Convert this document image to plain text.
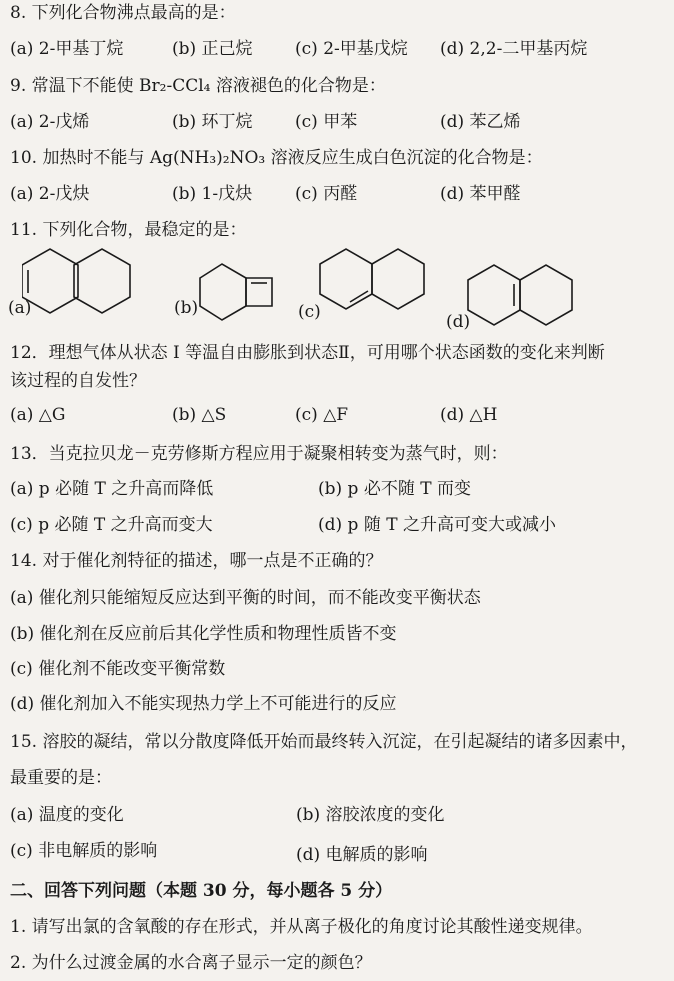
8. 下列化合物沸点最高的是：
(a) 2-甲基丁烷	(b) 正己烷 (c) 2-甲基戊烷 (d) 2,2-二甲基丙烷
9. 常温下不能使 Br₂-CCl₄ 溶液褪色的化合物是：
(a) 2-戊烯	(b) 环丁烷 (c) 甲苯	(d) 苯乙烯
10. 加热时不能与 Ag(NH₃)₂NO₃ 溶液反应生成白色沉淀的化合物是：
(a) 2-戊炔	(b) 1-戊炔	(c) 丙醛	(d) 苯甲醛
11. 下列化合物，最稳定的是：
(a)	(b)	(c)	(d)
12．理想气体从状态 I 等温自由膨胀到状态Ⅱ，可用哪个状态函数的变化来判断
该过程的自发性？
(a) △G	(b) △S	(c) △F	(d) △H
13．当克拉贝龙－克劳修斯方程应用于凝聚相转变为蒸气时，则：
(a) p 必随 T 之升高而降低	(b) p 必不随 T 而变
(c) p 必随 T 之升高而变大	(d) p 随 T 之升高可变大或减小
14. 对于催化剂特征的描述，哪一点是不正确的？
(a) 催化剂只能缩短反应达到平衡的时间，而不能改变平衡状态
(b) 催化剂在反应前后其化学性质和物理性质皆不变
(c) 催化剂不能改变平衡常数
(d) 催化剂加入不能实现热力学上不可能进行的反应
15. 溶胶的凝结，常以分散度降低开始而最终转入沉淀，在引起凝结的诸多因素中，
最重要的是：
(a) 温度的变化	(b) 溶胶浓度的变化
(c) 非电解质的影响	(d) 电解质的影响
二、回答下列问题（本题 30 分，每小题各 5 分）
1. 请写出氯的含氧酸的存在形式，并从离子极化的角度讨论其酸性递变规律。
2. 为什么过渡金属的水合离子显示一定的颜色？
